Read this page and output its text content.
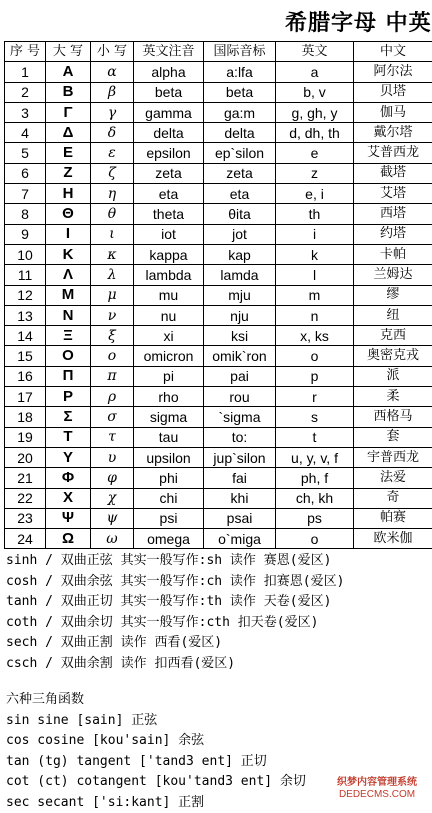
希腊字母 中英
序 号	大 写	小 写	英文注音	国际音标	英文	中文
1	Α	α	alpha	a:lfa	a	阿尔法
2	Β	β	beta	beta	b, v	贝塔
3	Γ	γ	gamma	ga:m	g, gh, y	伽马
4	Δ	δ	delta	delta	d, dh, th	戴尔塔
5	Ε	ε	epsilon	ep`silon	e	艾普西龙
6	Ζ	ζ	zeta	zeta	z	截塔
7	Η	η	eta	eta	e, i	艾塔
8	Θ	θ	theta	θita	th	西塔
9	Ι	ι	iot	jot	i	约塔
10	Κ	κ	kappa	kap	k	卡帕
11	Λ	λ	lambda	lamda	l	兰姆达
12	Μ	μ	mu	mju	m	缪
13	Ν	ν	nu	nju	n	纽
14	Ξ	ξ	xi	ksi	x, ks	克西
15	Ο	ο	omicron	omik`ron	o	奥密克戎
16	Π	π	pi	pai	p	派
17	Ρ	ρ	rho	rou	r	柔
18	Σ	σ	sigma	`sigma	s	西格马
19	Τ	τ	tau	to:	t	套
20	Υ	υ	upsilon	jup`silon	u, y, v, f	宇普西龙
21	Φ	φ	phi	fai	ph, f	法爱
22	Χ	χ	chi	khi	ch, kh	奇
23	Ψ	ψ	psi	psai	ps	帕赛
24	Ω	ω	omega	o`miga	o	欧米伽
sinh / 双曲正弦 其实一般写作:sh 读作 赛恩(爱区)
cosh / 双曲余弦 其实一般写作:ch 读作 扣赛恩(爱区)
tanh / 双曲正切 其实一般写作:th 读作 天卷(爱区)
coth / 双曲余切 其实一般写作:cth 扣天卷(爱区)
sech / 双曲正割 读作 西看(爱区)
csch / 双曲余割 读作 扣西看(爱区)
六种三角函数
sin sine [sain] 正弦
cos cosine [kou'sain] 余弦
tan (tg) tangent ['tand3 ent] 正切
cot (ct) cotangent [kou'tand3 ent] 余切
sec secant ['si:kant] 正割
织梦内容管理系统
DEDECMS.COM
